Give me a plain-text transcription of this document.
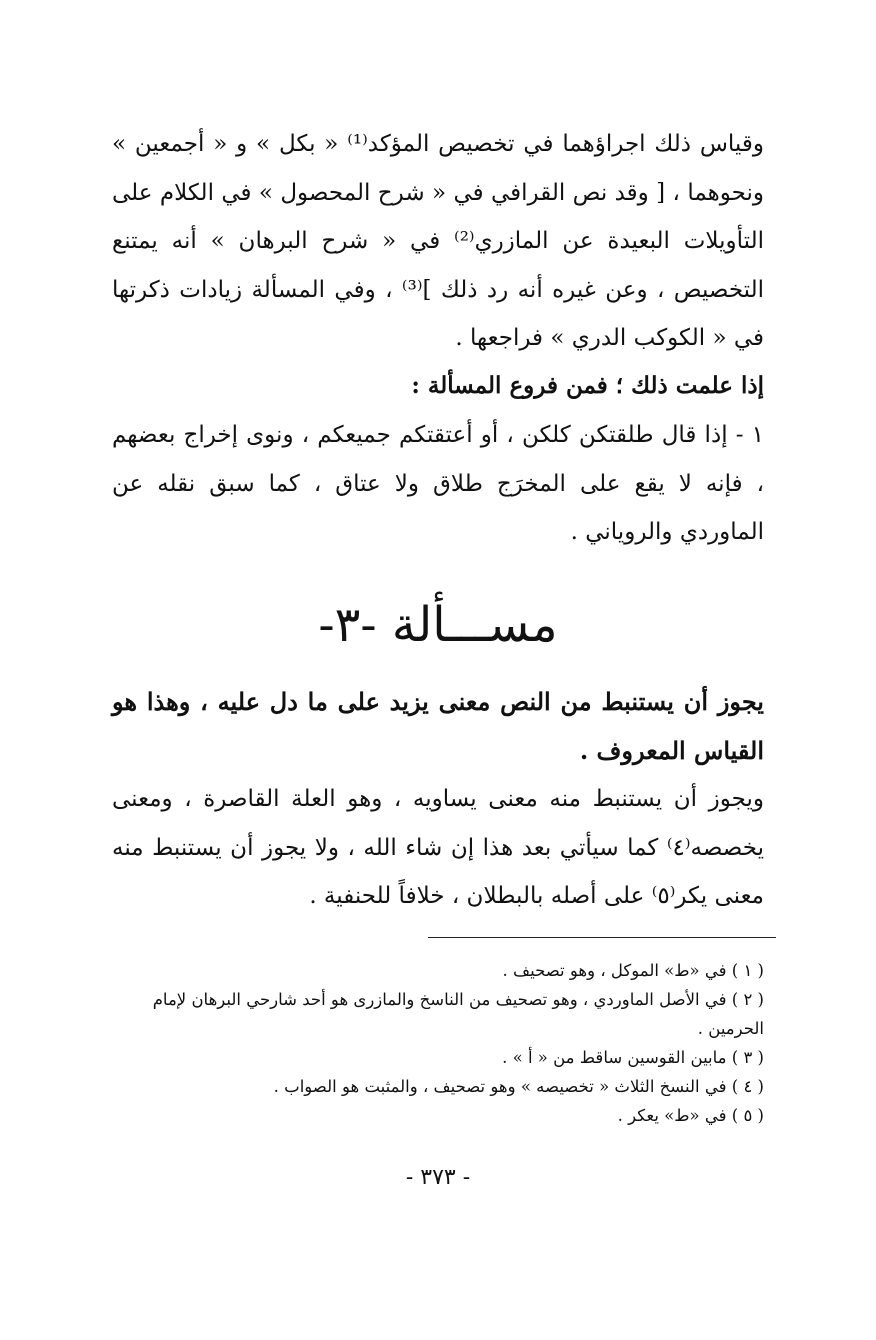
وقياس ذلك اجراؤهما في تخصيص المؤكد⁽¹⁾ « بكل » و « أجمعين » ونحوهما ، [ وقد نص القرافي في « شرح المحصول » في الكلام على التأويلات البعيدة عن المازري⁽²⁾ في « شرح البرهان » أنه يمتنع التخصيص ، وعن غيره أنه رد ذلك ]⁽³⁾ ، وفي المسألة زيادات ذكرتها في « الكوكب الدري » فراجعها .

إذا علمت ذلك ؛ فمن فروع المسألة :

١ - إذا قال طلقتكن كلكن ، أو أعتقتكم جميعكم ، ونوى إخراج بعضهم ، فإنه لا يقع على المخرَج طلاق ولا عتاق ، كما سبق نقله عن الماوردي والروياني .

مســـألة -٣-

يجوز أن يستنبط من النص معنى يزيد على ما دل عليه ، وهذا هو القياس المعروف .

ويجوز أن يستنبط منه معنى يساويه ، وهو العلة القاصرة ، ومعنى يخصصه⁽٤⁾ كما سيأتي بعد هذا إن شاء الله ، ولا يجوز أن يستنبط منه معنى يكر⁽٥⁾ على أصله بالبطلان ، خلافاً للحنفية .

( ١ ) في «ط» الموكل ، وهو تصحيف .
( ٢ ) في الأصل الماوردي ، وهو تصحيف من الناسخ والمازرى هو أحد شارحي البرهان لإمام الحرمين .
( ٣ ) مابين القوسين ساقط من « أ » .
( ٤ ) في النسخ الثلاث « تخصيصه » وهو تصحيف ، والمثبت هو الصواب .
( ٥ ) في «ط» يعكر .
- ٣٧٣ -
